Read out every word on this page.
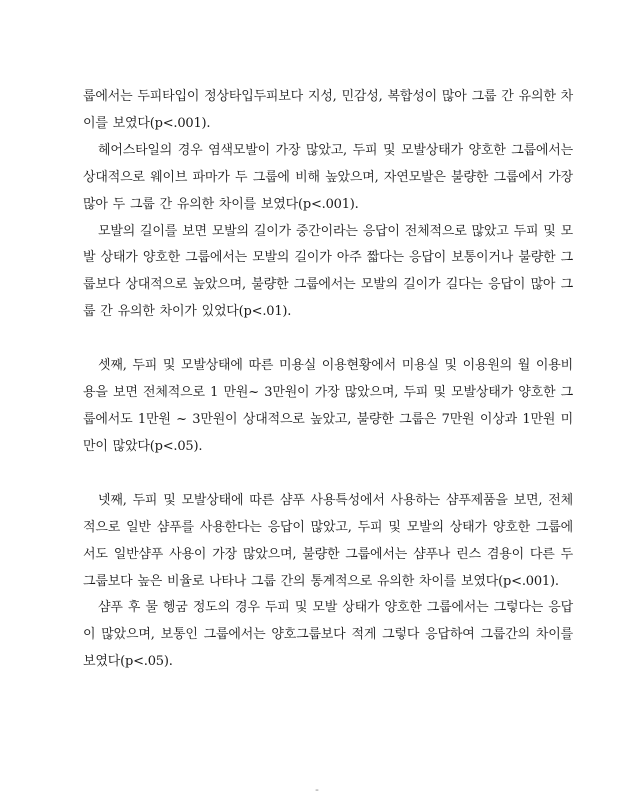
룹에서는 두피타입이 정상타입두피보다 지성, 민감성, 복합성이 많아 그룹 간 유의한 차이를 보였다(p<.001).

헤어스타일의 경우 염색모발이 가장 많았고, 두피 및 모발상태가 양호한 그룹에서는 상대적으로 웨이브 파마가 두 그룹에 비해 높았으며, 자연모발은 불량한 그룹에서 가장 많아 두 그룹 간 유의한 차이를 보였다(p<.001).

모발의 길이를 보면 모발의 길이가 중간이라는 응답이 전체적으로 많았고 두피 및 모발 상태가 양호한 그룹에서는 모발의 길이가 아주 짧다는 응답이 보통이거나 불량한 그룹보다 상대적으로 높았으며, 불량한 그룹에서는 모발의 길이가 길다는 응답이 많아 그룹 간 유의한 차이가 있었다(p<.01).

셋째, 두피 및 모발상태에 따른 미용실 이용현황에서 미용실 및 이용원의 월 이용비용을 보면 전체적으로 1 만원~ 3만원이 가장 많았으며, 두피 및 모발상태가 양호한 그룹에서도 1만원 ~ 3만원이 상대적으로 높았고, 불량한 그룹은 7만원 이상과 1만원 미만이 많았다(p<.05).

넷째, 두피 및 모발상태에 따른 샴푸 사용특성에서 사용하는 샴푸제품을 보면, 전체적으로 일반 샴푸를 사용한다는 응답이 많았고, 두피 및 모발의 상태가 양호한 그룹에서도 일반샴푸 사용이 가장 많았으며, 불량한 그룹에서는 샴푸나 린스 겸용이 다른 두 그룹보다 높은 비율로 나타나 그룹 간의 통계적으로 유의한 차이를 보였다(p<.001).

샴푸 후 물 헹굼 정도의 경우 두피 및 모발 상태가 양호한 그룹에서는 그렇다는 응답이 많았으며, 보통인 그룹에서는 양호그룹보다 적게 그렇다 응답하여 그룹간의 차이를 보였다(p<.05).

-
